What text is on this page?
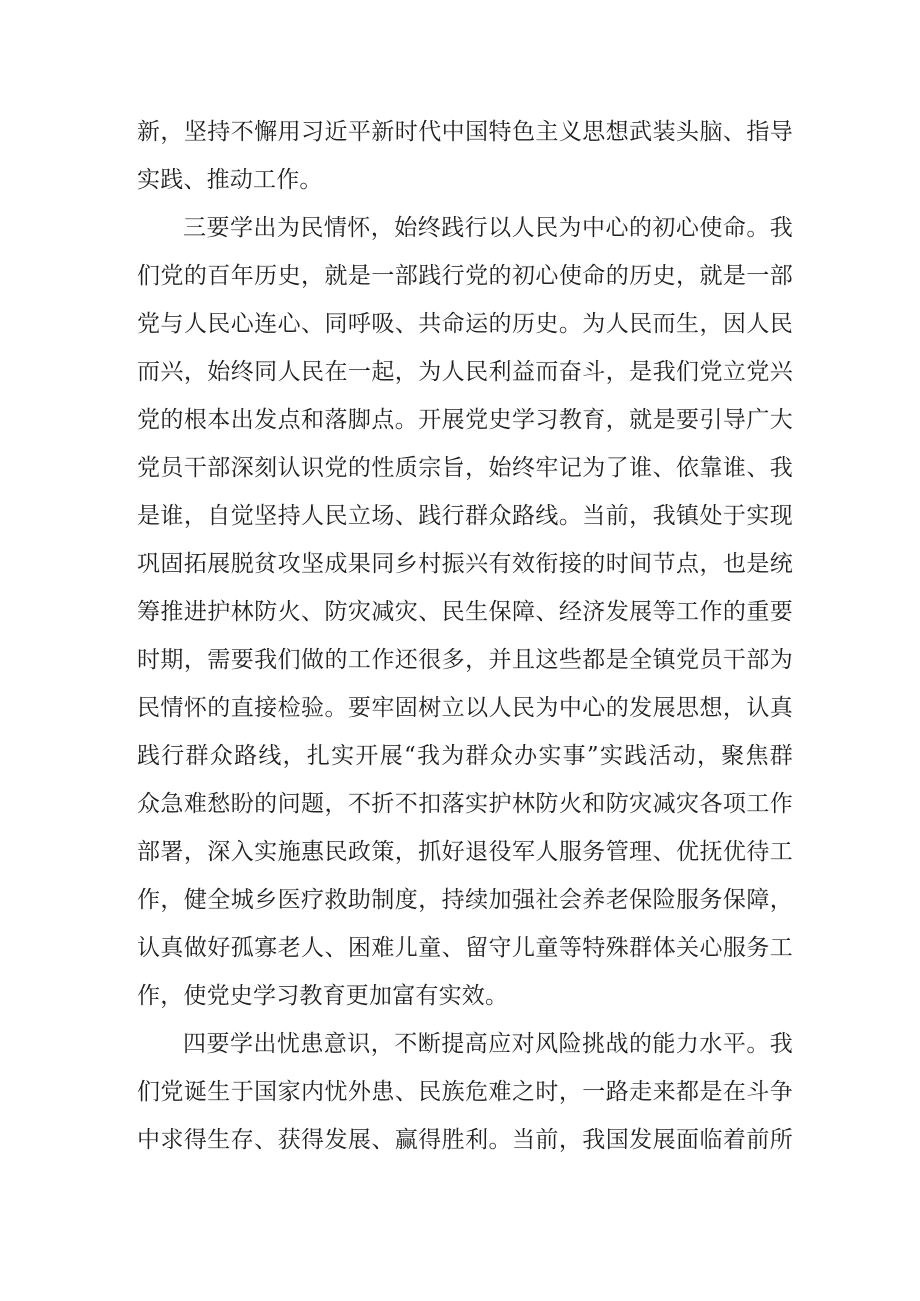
新，坚持不懈用习近平新时代中国特色主义思想武装头脑、指导
实践、推动工作。
三要学出为民情怀，始终践行以人民为中心的初心使命。我
们党的百年历史，就是一部践行党的初心使命的历史，就是一部
党与人民心连心、同呼吸、共命运的历史。为人民而生，因人民
而兴，始终同人民在一起，为人民利益而奋斗，是我们党立党兴
党的根本出发点和落脚点。开展党史学习教育，就是要引导广大
党员干部深刻认识党的性质宗旨，始终牢记为了谁、依靠谁、我
是谁，自觉坚持人民立场、践行群众路线。当前，我镇处于实现
巩固拓展脱贫攻坚成果同乡村振兴有效衔接的时间节点，也是统
筹推进护林防火、防灾减灾、民生保障、经济发展等工作的重要
时期，需要我们做的工作还很多，并且这些都是全镇党员干部为
民情怀的直接检验。要牢固树立以人民为中心的发展思想，认真
践行群众路线，扎实开展“我为群众办实事”实践活动，聚焦群
众急难愁盼的问题，不折不扣落实护林防火和防灾减灾各项工作
部署，深入实施惠民政策，抓好退役军人服务管理、优抚优待工
作，健全城乡医疗救助制度，持续加强社会养老保险服务保障，
认真做好孤寡老人、困难儿童、留守儿童等特殊群体关心服务工
作，使党史学习教育更加富有实效。
四要学出忧患意识，不断提高应对风险挑战的能力水平。我
们党诞生于国家内忧外患、民族危难之时，一路走来都是在斗争
中求得生存、获得发展、赢得胜利。当前，我国发展面临着前所
